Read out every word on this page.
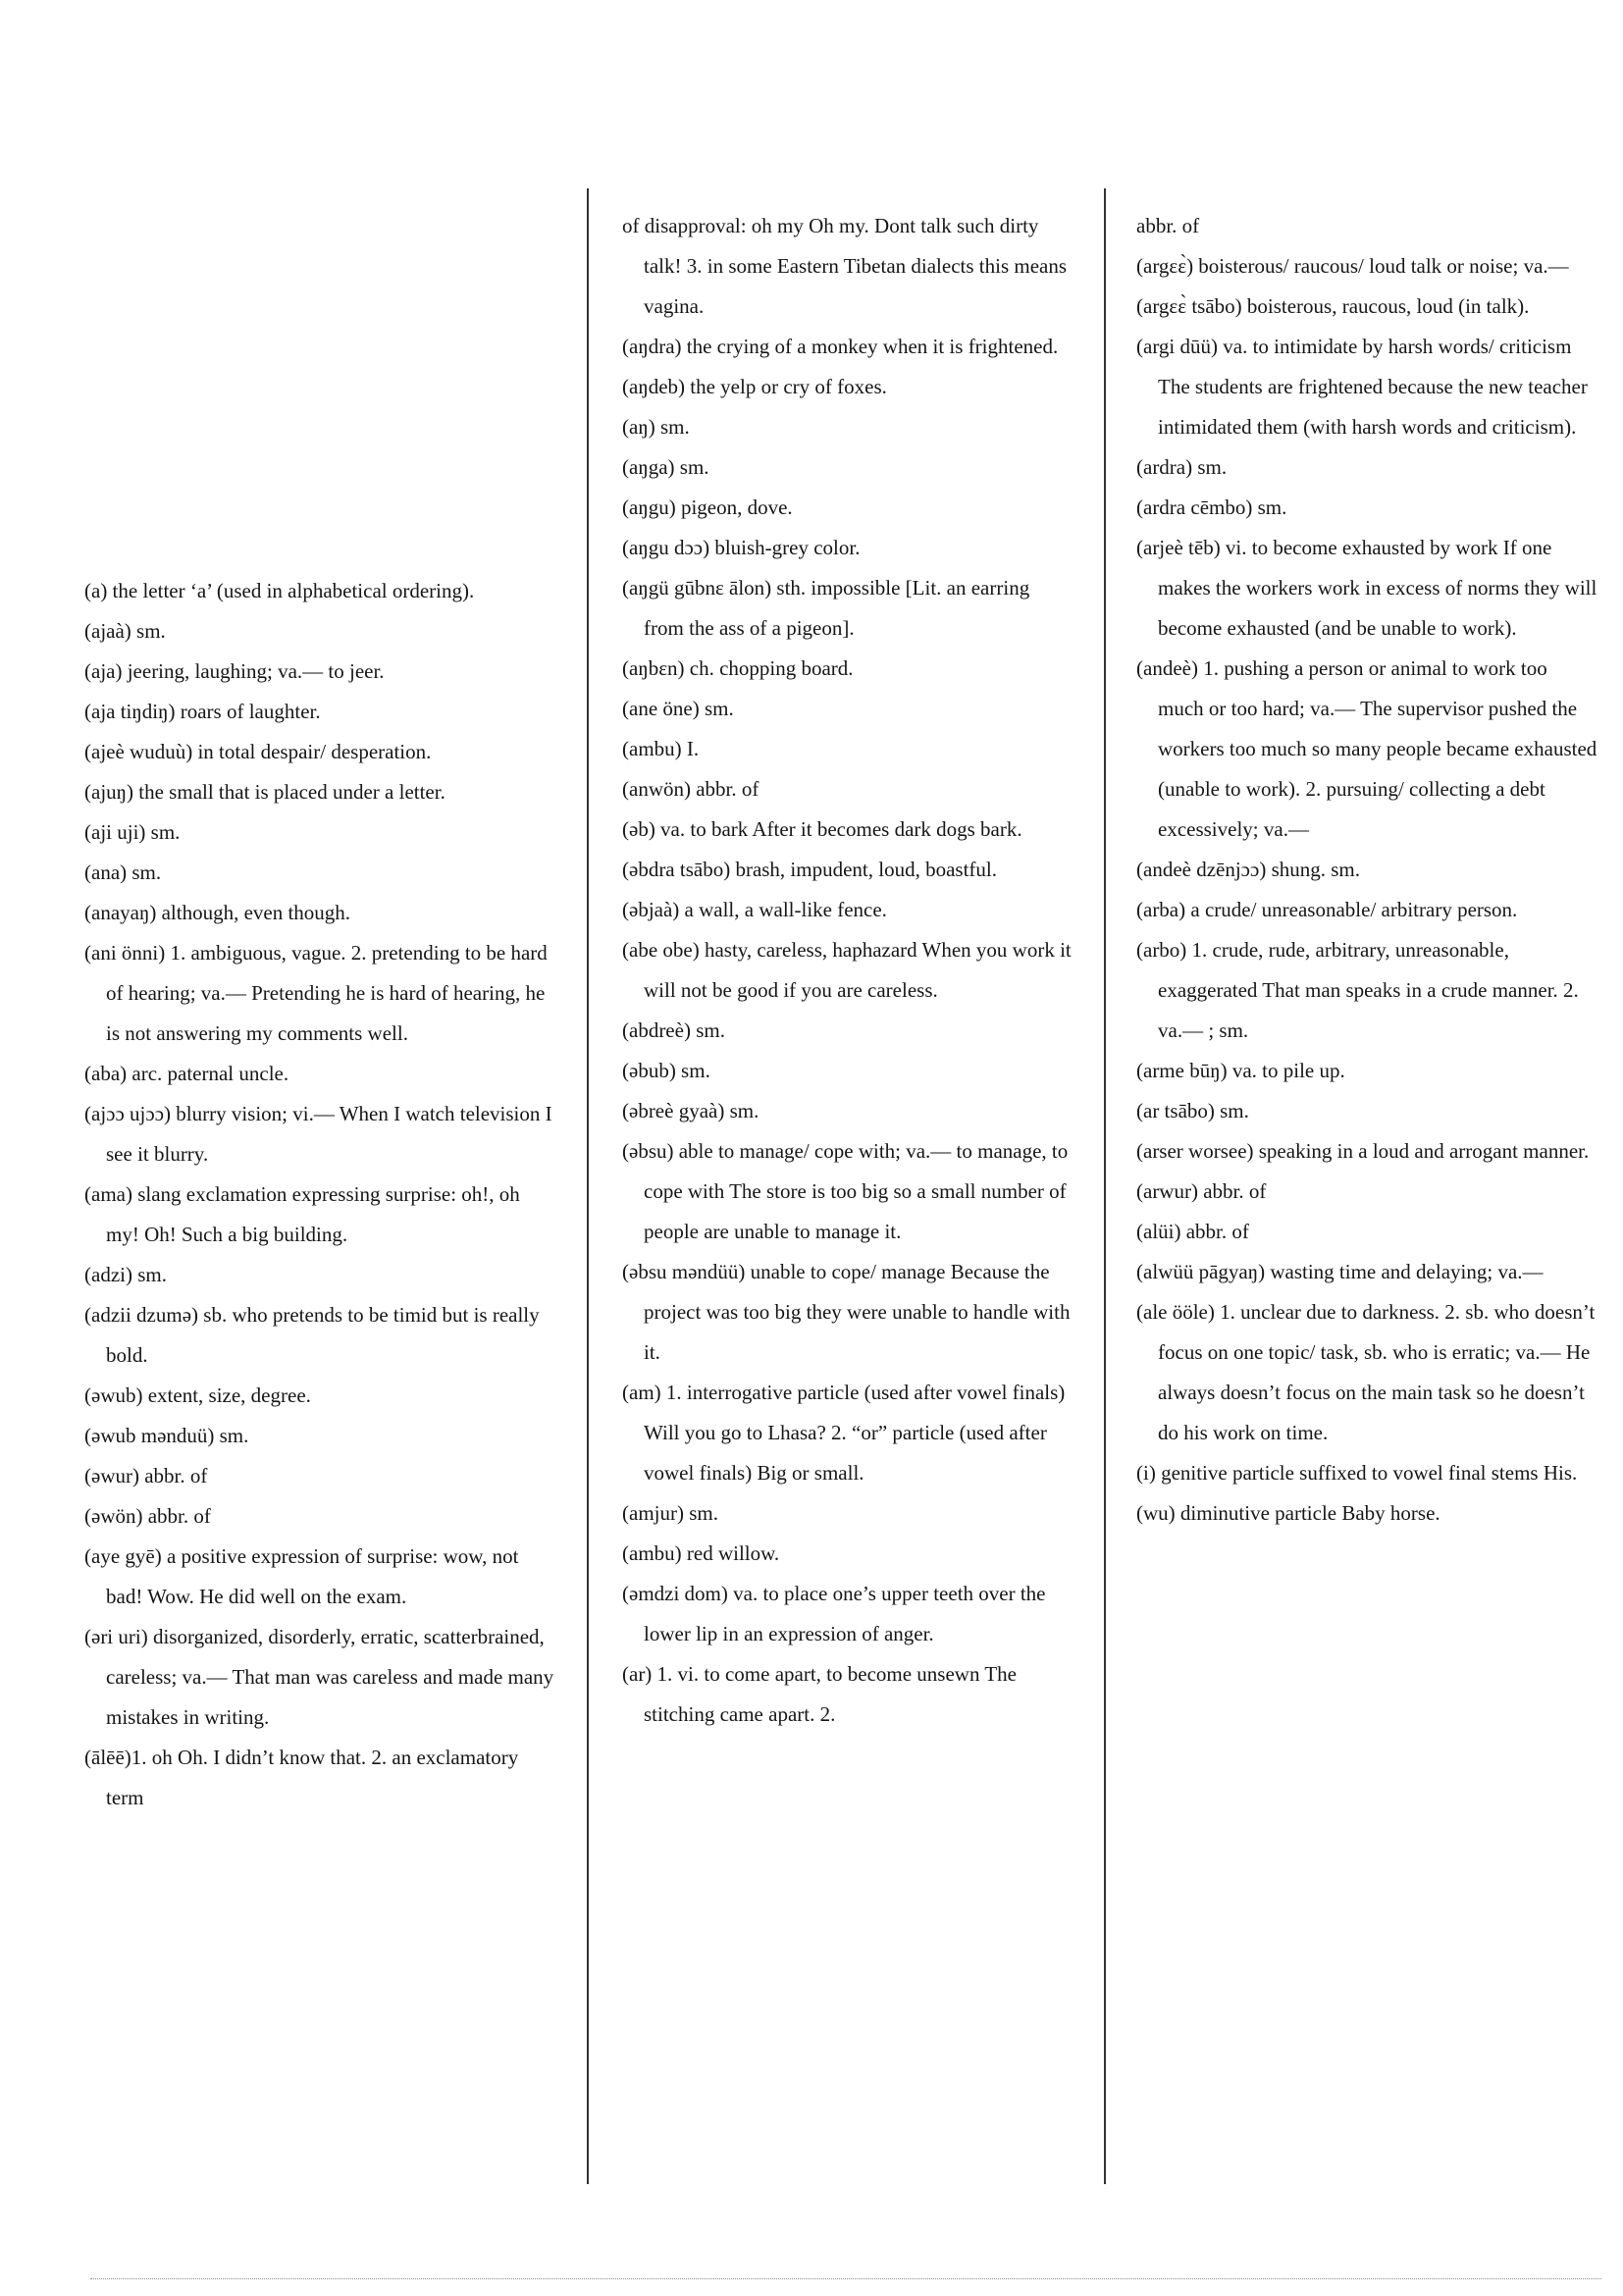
(a) the letter ‘a’ (used in alphabetical ordering).

(ajaà) sm.

(aja) jeering, laughing; va.— to jeer.

(aja tiŋdiŋ) roars of laughter.

(ajeè wuduù) in total despair/ desperation.

(ajuŋ) the small that is placed under a letter.

(aji uji) sm.

(ana) sm.

(anayaŋ) although, even though.

(ani önni) 1. ambiguous, vague. 2. pretending to be hard of hearing; va.— Pretending he is hard of hearing, he is not answering my comments well.

(aba) arc. paternal uncle.

(ajɔɔ ujɔɔ) blurry vision; vi.— When I watch television I see it blurry.

(ama) slang exclamation expressing surprise: oh!, oh my! Oh! Such a big building.

(adzi) sm.

(adzii dzumə) sb. who pretends to be timid but is really bold.

(əwub) extent, size, degree.

(əwub mənduü) sm.

(əwur) abbr. of

(əwön) abbr. of

(aye gyē) a positive expression of surprise: wow, not bad! Wow. He did well on the exam.

(əri uri) disorganized, disorderly, erratic, scatterbrained, careless; va.— That man was careless and made many mistakes in writing.

(ālēē)1. oh Oh. I didn’t know that. 2. an exclamatory term

of disapproval: oh my Oh my. Dont talk such dirty talk! 3. in some Eastern Tibetan dialects this means vagina.

(aŋdra) the crying of a monkey when it is frightened.

(aŋdeb) the yelp or cry of foxes.

(aŋ) sm.

(aŋga) sm.

(aŋgu) pigeon, dove.

(aŋgu dɔɔ) bluish-grey color.

(aŋgü gūbnɛ ālon) sth. impossible [Lit. an earring from the ass of a pigeon].

(aŋbɛn) ch. chopping board.

(ane öne) sm.

(ambu) I.

(anwön) abbr. of

(əb) va. to bark After it becomes dark dogs bark.

(əbdra tsābo) brash, impudent, loud, boastful.

(əbjaà) a wall, a wall-like fence.

(abe obe) hasty, careless, haphazard When you work it will not be good if you are careless.

(abdreè) sm.

(əbub) sm.

(əbreè gyaà) sm.

(əbsu) able to manage/ cope with; va.— to manage, to cope with The store is too big so a small number of people are unable to manage it.

(əbsu məndüü) unable to cope/ manage Because the project was too big they were unable to handle with it.

(am) 1. interrogative particle (used after vowel finals) Will you go to Lhasa? 2. “or” particle (used after vowel finals) Big or small.

(amjur) sm.

(ambu) red willow.

(əmdzi dom) va. to place one’s upper teeth over the lower lip in an expression of anger.

(ar) 1. vi. to come apart, to become unsewn The stitching came apart. 2.

abbr. of

(argɛɛ̀) boisterous/ raucous/ loud talk or noise; va.—

(argɛɛ̀ tsābo) boisterous, raucous, loud (in talk).

(argi dūü) va. to intimidate by harsh words/ criticism The students are frightened because the new teacher intimidated them (with harsh words and criticism).

(ardra) sm.

(ardra cēmbo) sm.

(arjeè tēb) vi. to become exhausted by work If one makes the workers work in excess of norms they will become exhausted (and be unable to work).

(andeè) 1. pushing a person or animal to work too much or too hard; va.— The supervisor pushed the workers too much so many people became exhausted (unable to work). 2. pursuing/ collecting a debt excessively; va.—

(andeè dzēnjɔɔ) shung. sm.

(arba) a crude/ unreasonable/ arbitrary person.

(arbo) 1. crude, rude, arbitrary, unreasonable, exaggerated That man speaks in a crude manner. 2. va.— ; sm.

(arme būŋ) va. to pile up.

(ar tsābo) sm.

(arser worsee) speaking in a loud and arrogant manner.

(arwur) abbr. of

(alüi) abbr. of

(alwüü pāgyaŋ) wasting time and delaying; va.—

(ale ööle) 1. unclear due to darkness. 2. sb. who doesn’t focus on one topic/ task, sb. who is erratic; va.— He always doesn’t focus on the main task so he doesn’t do his work on time.

(i) genitive particle suffixed to vowel final stems His.

(wu) diminutive particle Baby horse.
